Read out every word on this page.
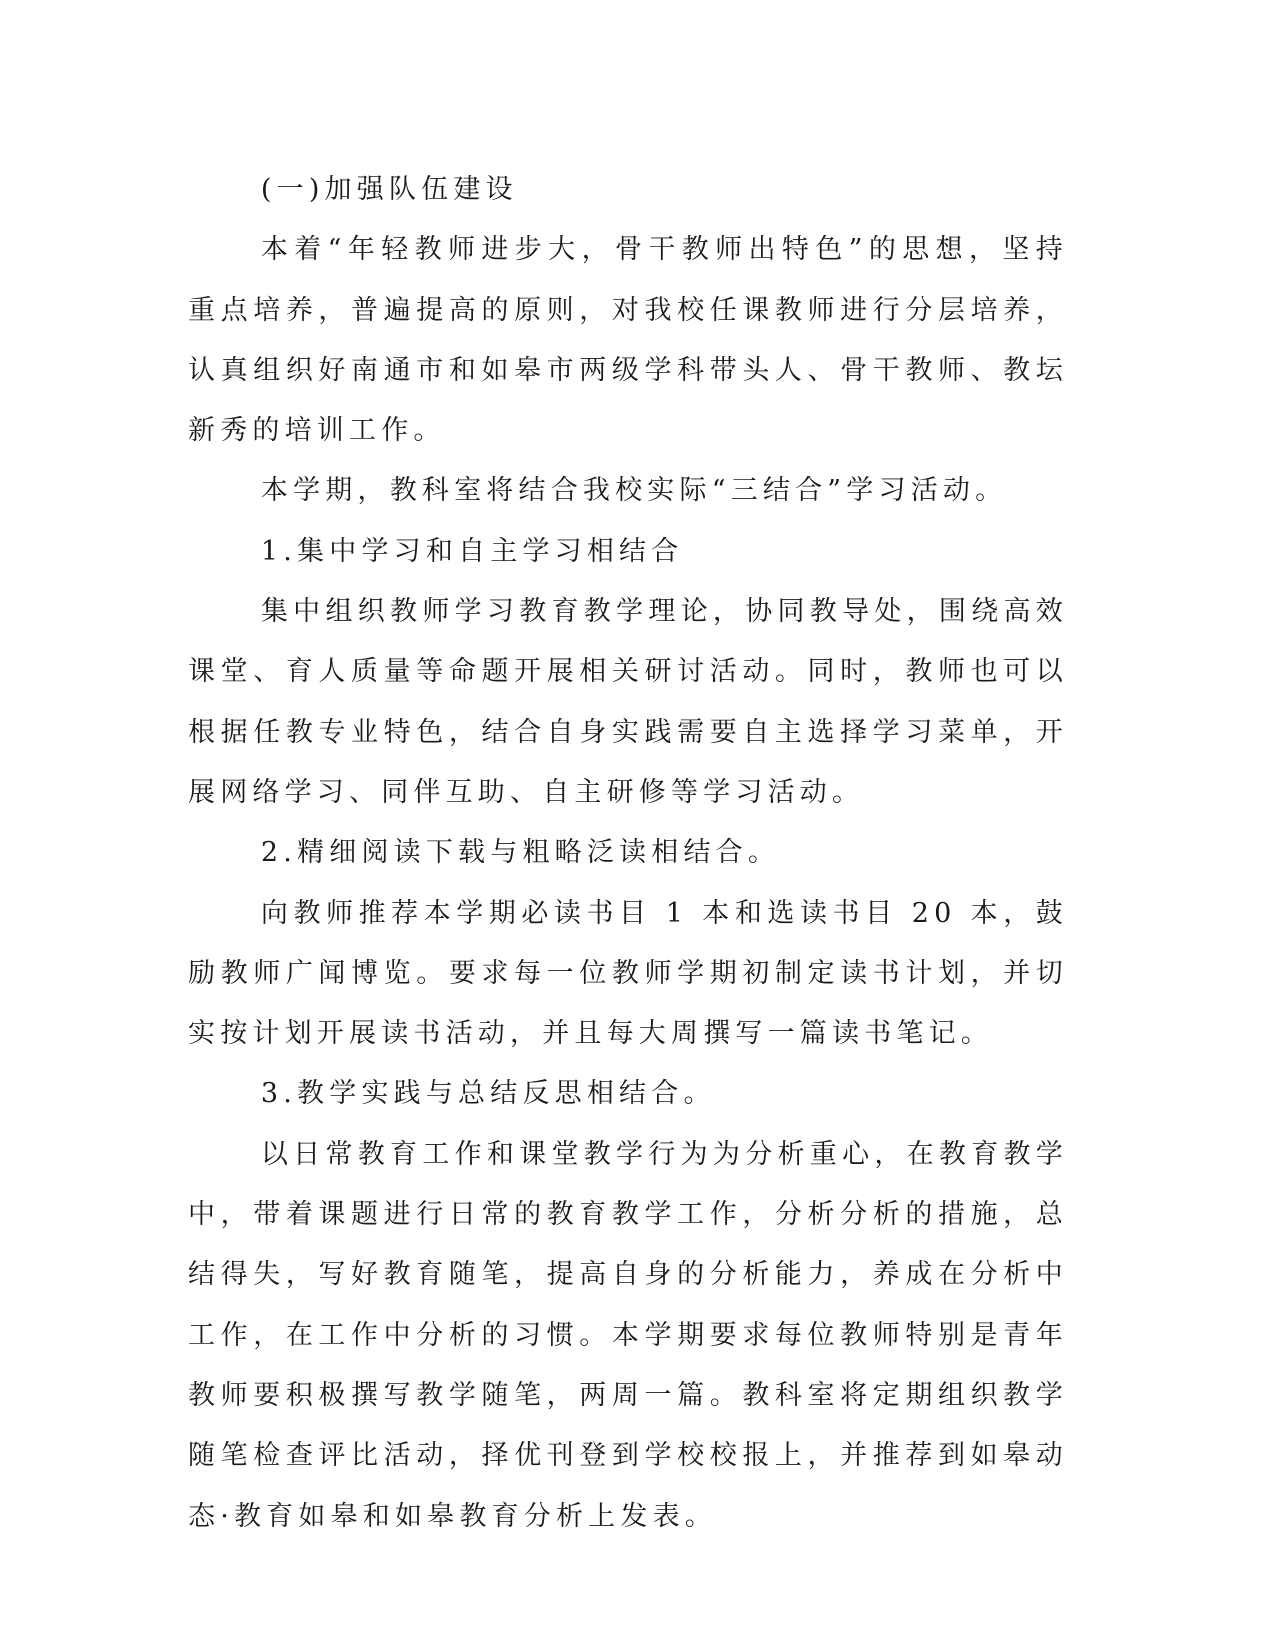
(一)加强队伍建设

本着“年轻教师进步大，骨干教师出特色”的思想，坚持重点培养，普遍提高的原则，对我校任课教师进行分层培养，认真组织好南通市和如皋市两级学科带头人、骨干教师、教坛新秀的培训工作。

本学期，教科室将结合我校实际“三结合”学习活动。

1.集中学习和自主学习相结合

集中组织教师学习教育教学理论，协同教导处，围绕高效课堂、育人质量等命题开展相关研讨活动。同时，教师也可以根据任教专业特色，结合自身实践需要自主选择学习菜单，开展网络学习、同伴互助、自主研修等学习活动。

2.精细阅读下载与粗略泛读相结合。

向教师推荐本学期必读书目 1 本和选读书目 20 本，鼓励教师广闻博览。要求每一位教师学期初制定读书计划，并切实按计划开展读书活动，并且每大周撰写一篇读书笔记。

3.教学实践与总结反思相结合。

以日常教育工作和课堂教学行为为分析重心，在教育教学中，带着课题进行日常的教育教学工作，分析分析的措施，总结得失，写好教育随笔，提高自身的分析能力，养成在分析中工作，在工作中分析的习惯。本学期要求每位教师特别是青年教师要积极撰写教学随笔，两周一篇。教科室将定期组织教学随笔检查评比活动，择优刊登到学校校报上，并推荐到如皋动态·教育如皋和如皋教育分析上发表。
